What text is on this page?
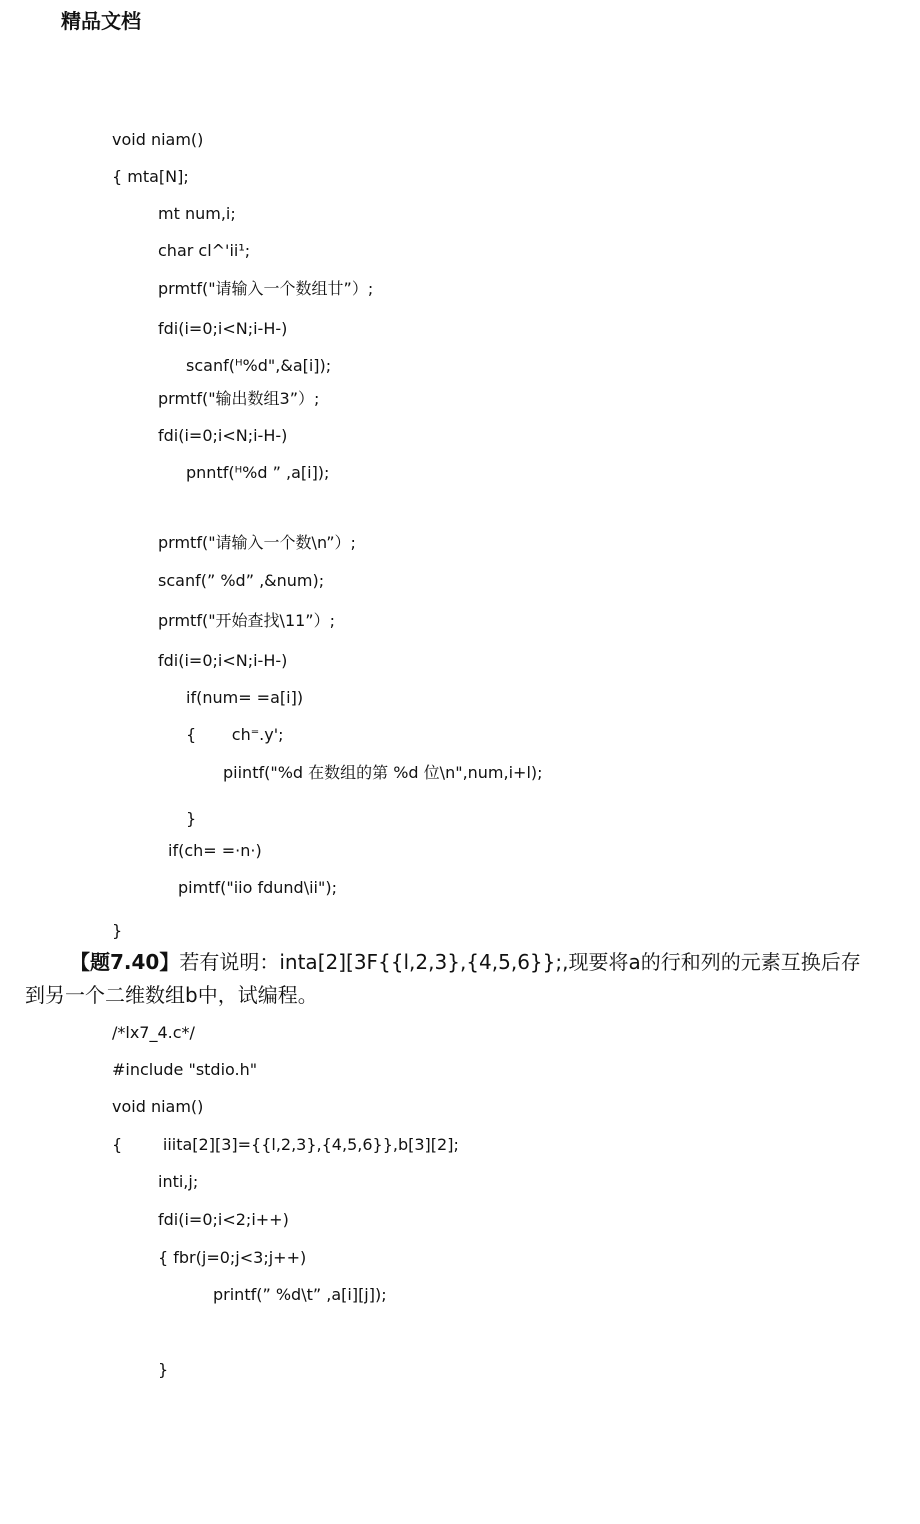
精品文档
void niam()
{ mta[N];
mt num,i;
char cl^'ii¹;
prmtf("请输入一个数组廿”）;
fdi(i=0;i<N;i-H-)
scanf(ᴴ%d",&a[i]);
prmtf("输出数组3”）;
fdi(i=0;i<N;i-H-)
pnntf(ᴴ%d ” ,a[i]);
prmtf("请输入一个数\n”）;
scanf(” %d” ,&num);
prmtf("开始查找\11”）;
fdi(i=0;i<N;i-H-)
if(num= =a[i])
{       ch⁼.y';
piintf("%d 在数组的第 %d 位\n",num,i+l);
}
if(ch= =·n·)
pimtf("iio fdund\ii");
}
【题7.40】若有说明：inta[2][3F{{l,2,3},{4,5,6}};,现要将a的行和列的元素互换后存
到另一个二维数组b中，试编程。
/*lx7_4.c*/
#include "stdio.h"
void niam()
{        iiita[2][3]={{l,2,3},{4,5,6}},b[3][2];
inti,j;
fdi(i=0;i<2;i++)
{ fbr(j=0;j<3;j++)
printf(” %d\t” ,a[i][j]);
}
